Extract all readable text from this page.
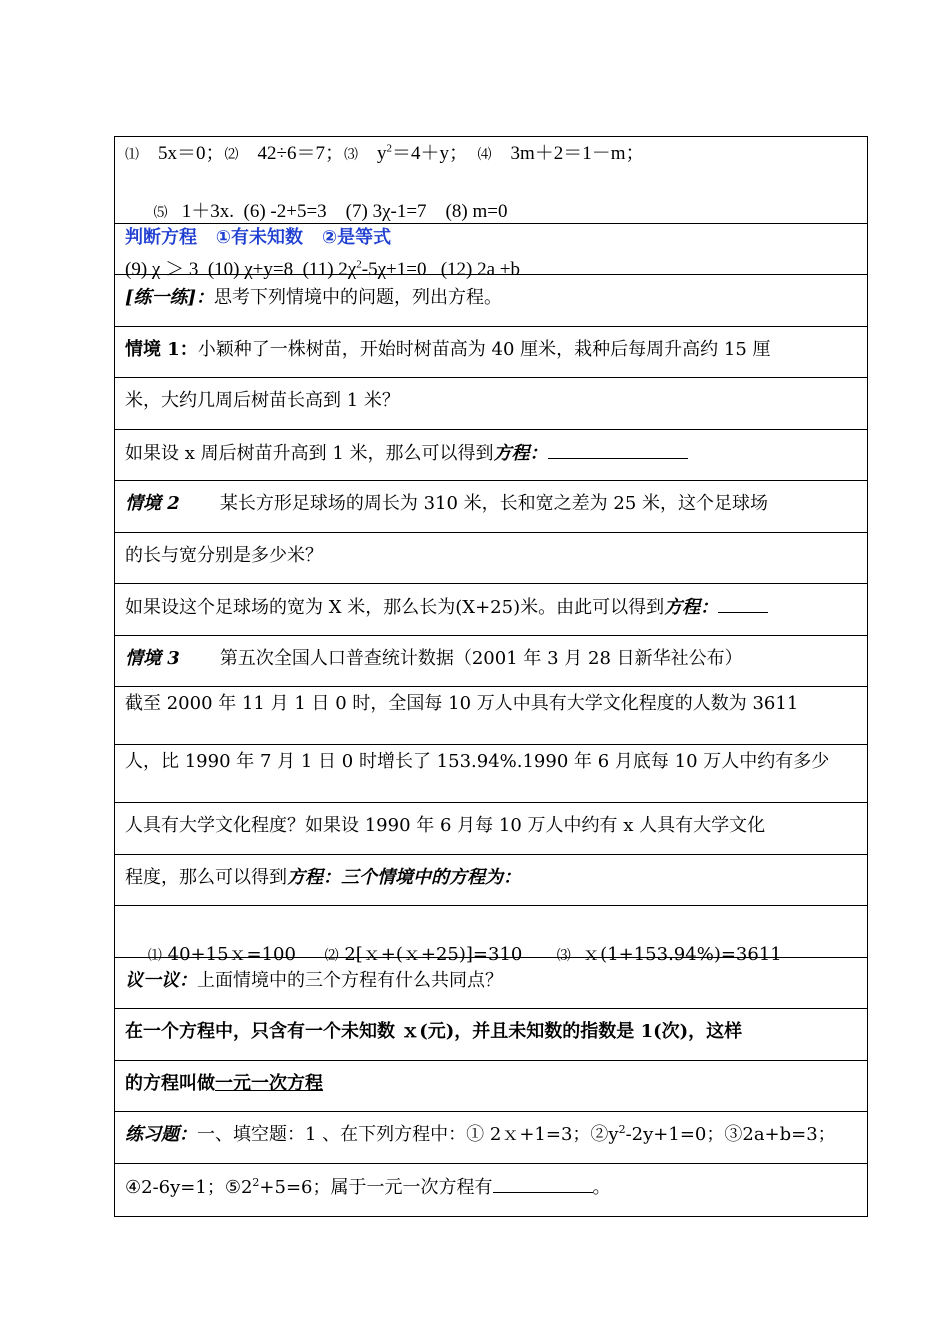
⑴ 5x＝0；⑵ 42÷6＝7；⑶ $y^2=4+y$； ⑷ 3m＋2＝1－m；

⑸ 1＋3x. (6) -2+5=3    (7) 3χ-1=7    (8) m=0

(9) χ ＞ 3  (10) χ+y=8  (11) $2\chi^2-5\chi+1=0$   (12) 2a +b
判断方程   ①有未知数   ②是等式
[练一练]：思考下列情境中的问题，列出方程。
情境 1：小颖种了一株树苗，开始时树苗高为 40 厘米，栽种后每周升高约 15 厘
米，大约几周后树苗长高到 1 米？
如果设 x 周后树苗升高到 1 米，那么可以得到方程：
情境 2 某长方形足球场的周长为 310 米，长和宽之差为 25 米，这个足球场
的长与宽分别是多少米？
如果设这个足球场的宽为 X 米，那么长为(X+25)米。由此可以得到方程：
情境 3 第五次全国人口普查统计数据（2001 年 3 月 28 日新华社公布）
截至 2000 年 11 月 1 日 0 时，全国每 10 万人中具有大学文化程度的人数为 3611
人，比 1990 年 7 月 1 日 0 时增长了 153.94%.1990 年 6 月底每 10 万人中约有多少
人具有大学文化程度？如果设 1990 年 6 月每 10 万人中约有 x 人具有大学文化
程度，那么可以得到方程：三个情境中的方程为：

⑴ 40+15ｘ=100 ⑵ 2[ｘ+(ｘ+25)]=310 ⑶ ｘ(1+153.94%)=3611

议一议：上面情境中的三个方程有什么共同点？
在一个方程中，只含有一个未知数 ｘ(元)，并且未知数的指数是 1(次)，这样
的方程叫做一元一次方程
练习题：一、填空题：1 、在下列方程中：① 2ｘ+1=3；$②y^2-2y+1=0$；③2a+b=3；
④2-6y=1；$⑤2^2+5=6$；属于一元一次方程有	。
